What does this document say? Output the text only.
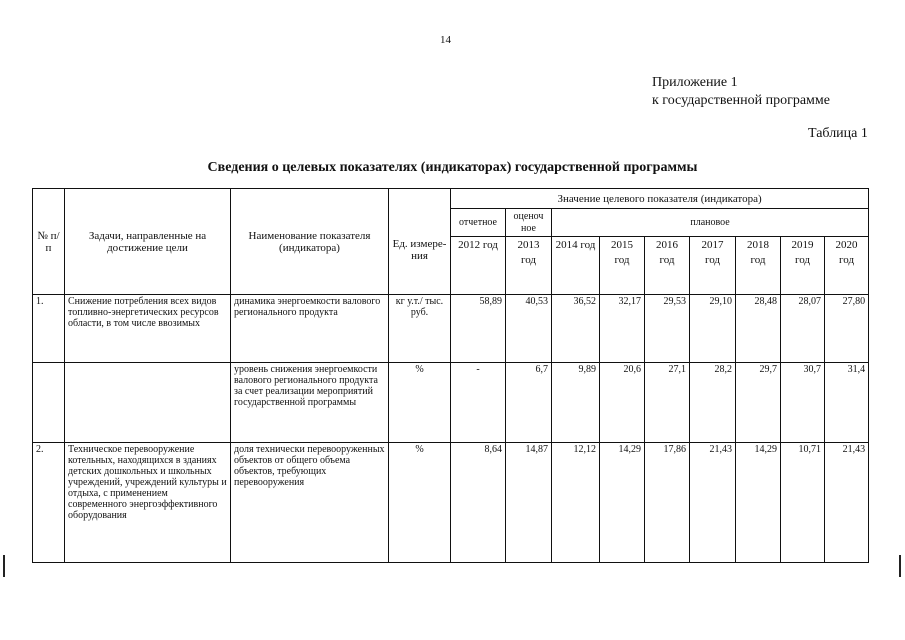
14
Приложение 1
к государственной программе
Таблица 1
Сведения о целевых показателях (индикаторах) государственной программы
№ п/п	Задачи, направленные на достижение цели	Наименование показателя (индикатора)	Ед. измере-ния	Значение целевого показателя (индикатора)								
				отчетное	оценоч ное	плановое						
				2012 год	2013 год	2014 год	2015 год	2016 год	2017 год	2018 год	2019 год	2020 год
1.	Снижение потребления всех видов топливно-энергетических ресурсов области, в том числе ввозимых	динамика энергоемкости валового регионального продукта	кг у.т./ тыс. руб.	58,89	40,53	36,52	32,17	29,53	29,10	28,48	28,07	27,80
		уровень снижения энергоемкости валового регионального продукта за счет реализации мероприятий государственной программы	%	-	6,7	9,89	20,6	27,1	28,2	29,7	30,7	31,4
2.	Техническое перевооружение котельных, находящихся в зданиях детских дошкольных и школьных учреждений, учреждений культуры и отдыха, с применением современного энергоэффективного оборудования	доля технически перевооруженных объектов от общего объема объектов, требующих перевооружения	%	8,64	14,87	12,12	14,29	17,86	21,43	14,29	10,71	21,43
